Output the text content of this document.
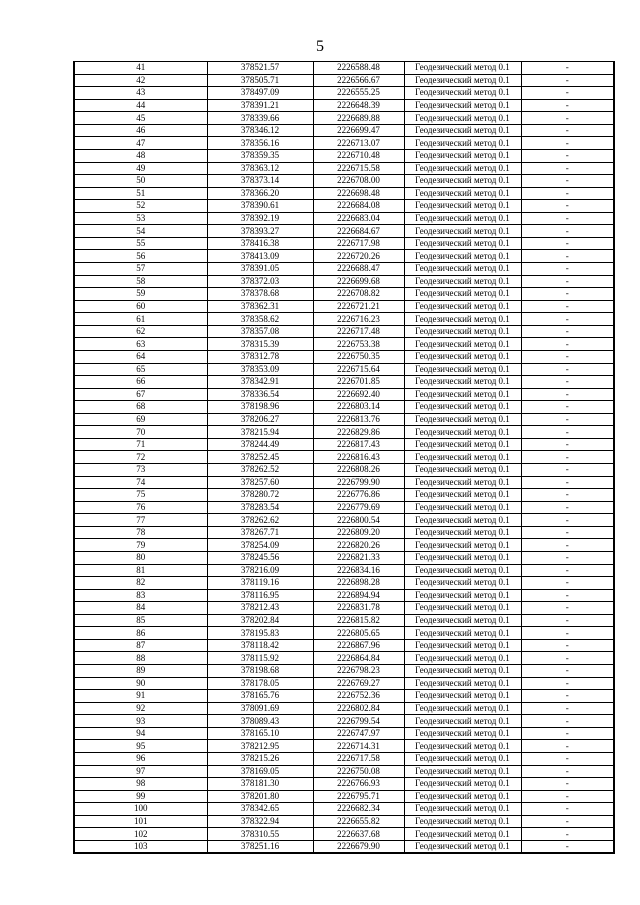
5
41	378521.57	2226588.48	Геодезический метод 0.1	-
42	378505.71	2226566.67	Геодезический метод 0.1	-
43	378497.09	2226555.25	Геодезический метод 0.1	-
44	378391.21	2226648.39	Геодезический метод 0.1	-
45	378339.66	2226689.88	Геодезический метод 0.1	-
46	378346.12	2226699.47	Геодезический метод 0.1	-
47	378356.16	2226713.07	Геодезический метод 0.1	-
48	378359.35	2226710.48	Геодезический метод 0.1	-
49	378363.12	2226715.58	Геодезический метод 0.1	-
50	378373.14	2226708.00	Геодезический метод 0.1	-
51	378366.20	2226698.48	Геодезический метод 0.1	-
52	378390.61	2226684.08	Геодезический метод 0.1	-
53	378392.19	2226683.04	Геодезический метод 0.1	-
54	378393.27	2226684.67	Геодезический метод 0.1	-
55	378416.38	2226717.98	Геодезический метод 0.1	-
56	378413.09	2226720.26	Геодезический метод 0.1	-
57	378391.05	2226688.47	Геодезический метод 0.1	-
58	378372.03	2226699.68	Геодезический метод 0.1	-
59	378378.68	2226708.82	Геодезический метод 0.1	-
60	378362.31	2226721.21	Геодезический метод 0.1	-
61	378358.62	2226716.23	Геодезический метод 0.1	-
62	378357.08	2226717.48	Геодезический метод 0.1	-
63	378315.39	2226753.38	Геодезический метод 0.1	-
64	378312.78	2226750.35	Геодезический метод 0.1	-
65	378353.09	2226715.64	Геодезический метод 0.1	-
66	378342.91	2226701.85	Геодезический метод 0.1	-
67	378336.54	2226692.40	Геодезический метод 0.1	-
68	378198.96	2226803.14	Геодезический метод 0.1	-
69	378206.27	2226813.76	Геодезический метод 0.1	-
70	378215.94	2226829.86	Геодезический метод 0.1	-
71	378244.49	2226817.43	Геодезический метод 0.1	-
72	378252.45	2226816.43	Геодезический метод 0.1	-
73	378262.52	2226808.26	Геодезический метод 0.1	-
74	378257.60	2226799.90	Геодезический метод 0.1	-
75	378280.72	2226776.86	Геодезический метод 0.1	-
76	378283.54	2226779.69	Геодезический метод 0.1	-
77	378262.62	2226800.54	Геодезический метод 0.1	-
78	378267.71	2226809.20	Геодезический метод 0.1	-
79	378254.09	2226820.26	Геодезический метод 0.1	-
80	378245.56	2226821.33	Геодезический метод 0.1	-
81	378216.09	2226834.16	Геодезический метод 0.1	-
82	378119.16	2226898.28	Геодезический метод 0.1	-
83	378116.95	2226894.94	Геодезический метод 0.1	-
84	378212.43	2226831.78	Геодезический метод 0.1	-
85	378202.84	2226815.82	Геодезический метод 0.1	-
86	378195.83	2226805.65	Геодезический метод 0.1	-
87	378118.42	2226867.96	Геодезический метод 0.1	-
88	378115.92	2226864.84	Геодезический метод 0.1	-
89	378198.68	2226798.23	Геодезический метод 0.1	-
90	378178.05	2226769.27	Геодезический метод 0.1	-
91	378165.76	2226752.36	Геодезический метод 0.1	-
92	378091.69	2226802.84	Геодезический метод 0.1	-
93	378089.43	2226799.54	Геодезический метод 0.1	-
94	378165.10	2226747.97	Геодезический метод 0.1	-
95	378212.95	2226714.31	Геодезический метод 0.1	-
96	378215.26	2226717.58	Геодезический метод 0.1	-
97	378169.05	2226750.08	Геодезический метод 0.1	-
98	378181.30	2226766.93	Геодезический метод 0.1	-
99	378201.80	2226795.71	Геодезический метод 0.1	-
100	378342.65	2226682.34	Геодезический метод 0.1	-
101	378322.94	2226655.82	Геодезический метод 0.1	-
102	378310.55	2226637.68	Геодезический метод 0.1	-
103	378251.16	2226679.90	Геодезический метод 0.1	-
